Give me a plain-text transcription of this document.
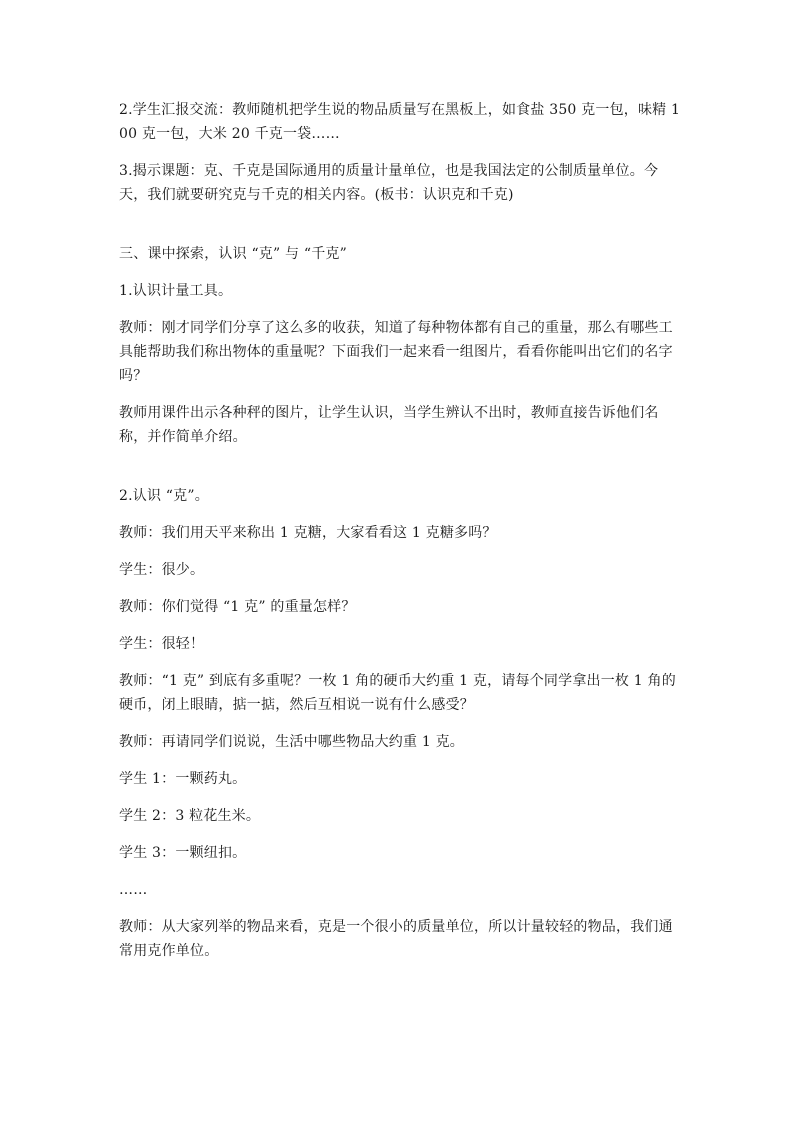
2.学生汇报交流：教师随机把学生说的物品质量写在黑板上，如食盐 350 克一包，味精 100 克一包，大米 20 千克一袋……

3.揭示课题：克、千克是国际通用的质量计量单位，也是我国法定的公制质量单位。今天，我们就要研究克与千克的相关内容。(板书：认识克和千克)

三、课中探索，认识 “克” 与 “千克”

1.认识计量工具。

教师：刚才同学们分享了这么多的收获，知道了每种物体都有自己的重量，那么有哪些工具能帮助我们称出物体的重量呢？下面我们一起来看一组图片，看看你能叫出它们的名字吗？

教师用课件出示各种秤的图片，让学生认识，当学生辨认不出时，教师直接告诉他们名称，并作简单介绍。

2.认识 “克”。

教师：我们用天平来称出 1 克糖，大家看看这 1 克糖多吗？

学生：很少。

教师：你们觉得 “1 克” 的重量怎样？

学生：很轻！

教师：“1 克” 到底有多重呢？一枚 1 角的硬币大约重 1 克，请每个同学拿出一枚 1 角的硬币，闭上眼睛，掂一掂，然后互相说一说有什么感受？

教师：再请同学们说说，生活中哪些物品大约重 1 克。

学生 1：一颗药丸。

学生 2：3 粒花生米。

学生 3：一颗纽扣。

……

教师：从大家列举的物品来看，克是一个很小的质量单位，所以计量较轻的物品，我们通常用克作单位。
